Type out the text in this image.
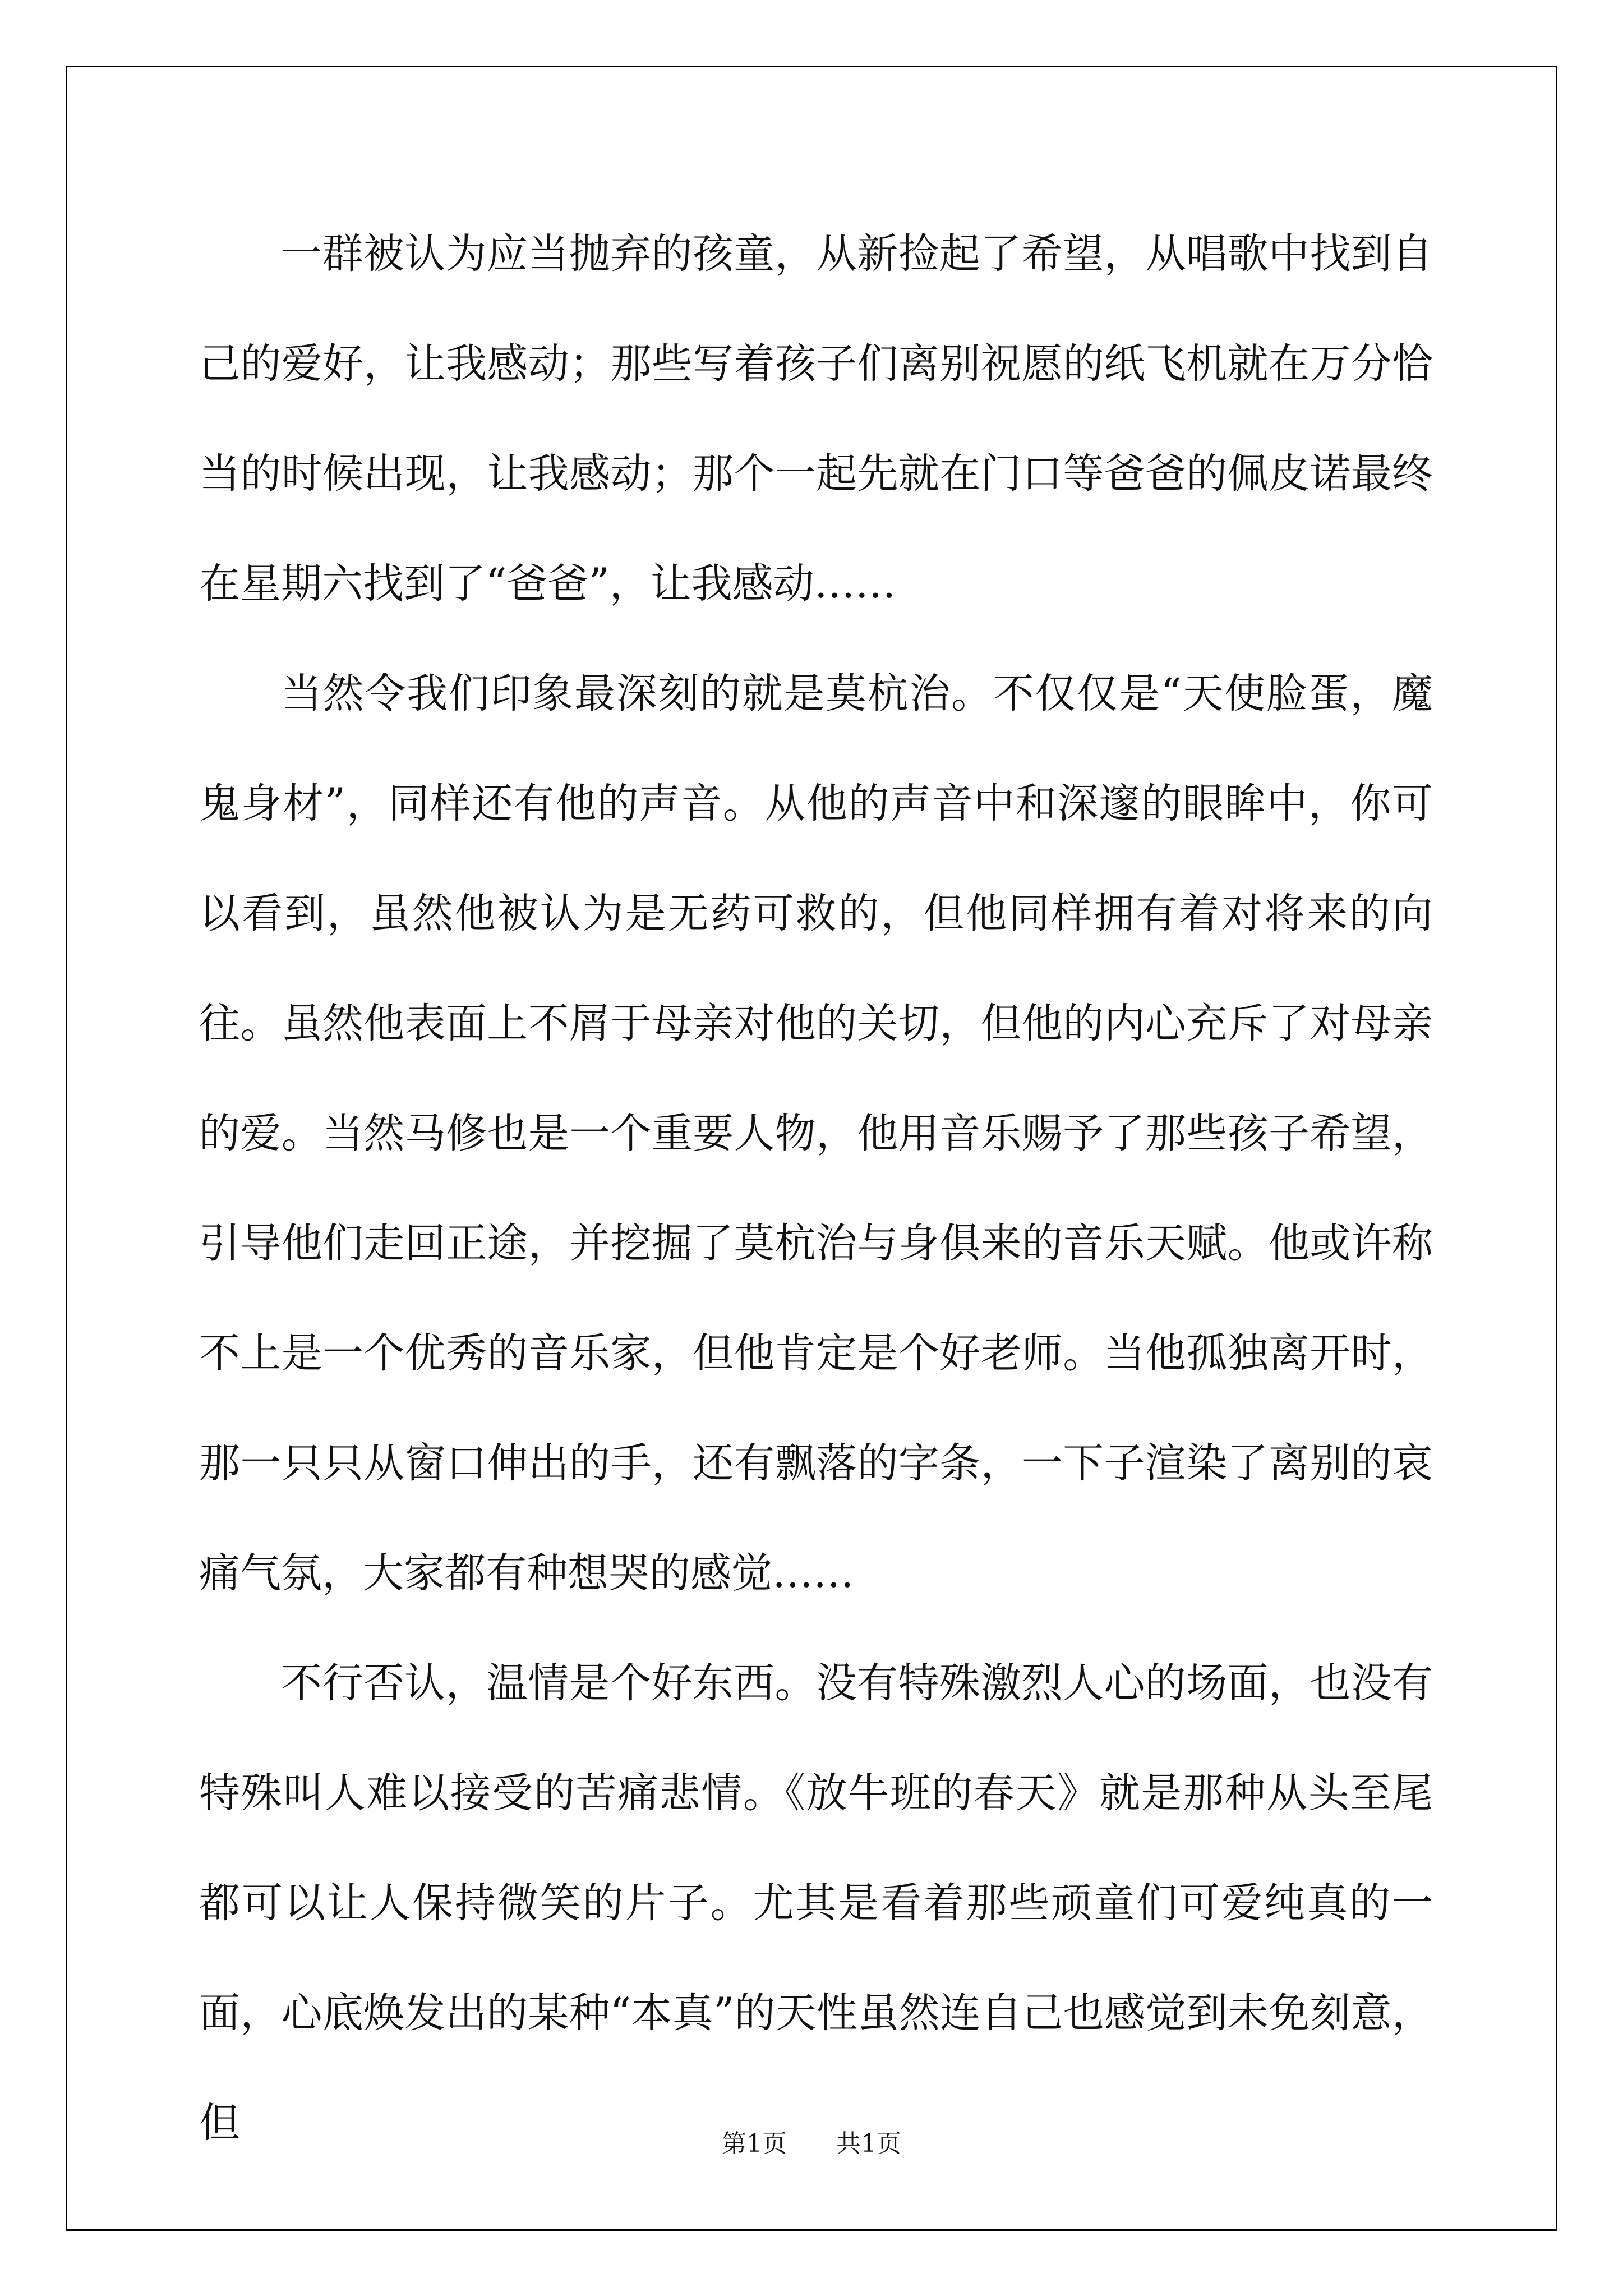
一群被认为应当抛弃的孩童，从新捡起了希望，从唱歌中找到自己的爱好，让我感动；那些写着孩子们离别祝愿的纸飞机就在万分恰当的时候出现，让我感动；那个一起先就在门口等爸爸的佩皮诺最终在星期六找到了“爸爸”，让我感动……

当然令我们印象最深刻的就是莫杭治。不仅仅是“天使脸蛋，魔鬼身材”，同样还有他的声音。从他的声音中和深邃的眼眸中，你可以看到，虽然他被认为是无药可救的，但他同样拥有着对将来的向往。虽然他表面上不屑于母亲对他的关切，但他的内心充斥了对母亲的爱。当然马修也是一个重要人物，他用音乐赐予了那些孩子希望，引导他们走回正途，并挖掘了莫杭治与身俱来的音乐天赋。他或许称不上是一个优秀的音乐家，但他肯定是个好老师。当他孤独离开时，那一只只从窗口伸出的手，还有飘落的字条，一下子渲染了离别的哀痛气氛，大家都有种想哭的感觉……

不行否认，温情是个好东西。没有特殊激烈人心的场面，也没有特殊叫人难以接受的苦痛悲情。《放牛班的春天》就是那种从头至尾都可以让人保持微笑的片子。尤其是看着那些顽童们可爱纯真的一面，心底焕发出的某种“本真”的天性虽然连自己也感觉到未免刻意，但	第1页 共1页
